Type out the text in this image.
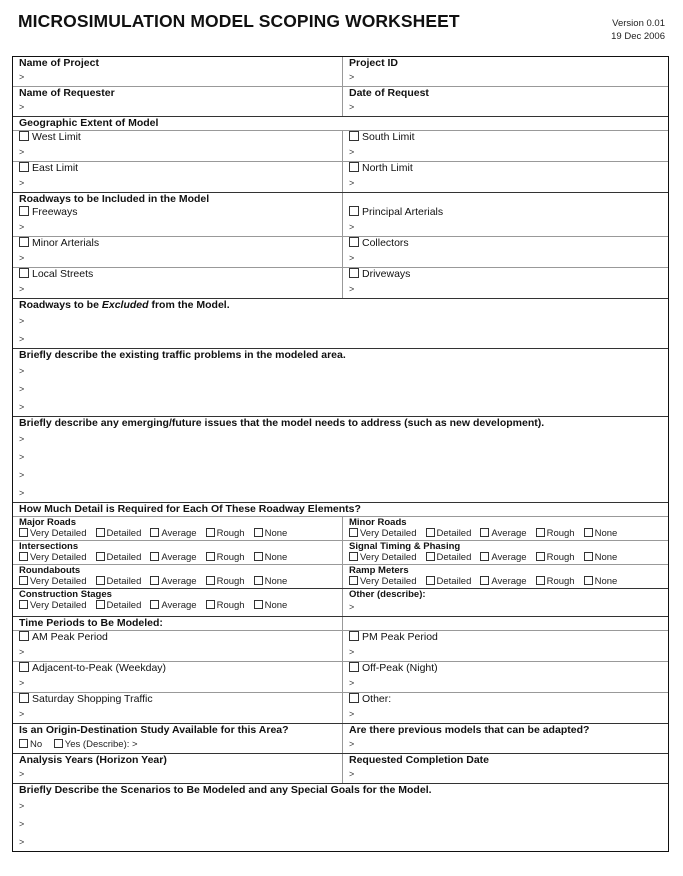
MICROSIMULATION MODEL SCOPING WORKSHEET	Version 0.01
19 Dec 2006
Name of Project
>
Project ID
>
Name of Requester
>
Date of Request
>
Geographic Extent of Model
West Limit
>
South Limit
>
East Limit
>
North Limit
>
Roadways to be Included in the Model
Freeways
>
Principal Arterials
>
Minor Arterials
>
Collectors
>
Local Streets
>
Driveways
>
Roadways to be Excluded from the Model.
>
>
Briefly describe the existing traffic problems in the modeled area.
>
>
>
Briefly describe any emerging/future issues that the model needs to address (such as new development).
>
>
>
>
How Much Detail is Required for Each Of These Roadway Elements?
Major Roads
Very Detailed Detailed Average Rough None
Minor Roads
Very Detailed Detailed Average Rough None
Intersections
Very Detailed Detailed Average Rough None
Signal Timing & Phasing
Very Detailed Detailed Average Rough None
Roundabouts
Very Detailed Detailed Average Rough None
Ramp Meters
Very Detailed Detailed Average Rough None
Construction Stages
Very Detailed Detailed Average Rough None
Other (describe):
>
Time Periods to Be Modeled:
AM Peak Period
>
PM Peak Period
>
Adjacent-to-Peak (Weekday)
>
Off-Peak (Night)
>
Saturday Shopping Traffic
>
Other:
>
Is an Origin-Destination Study Available for this Area?
No Yes (Describe): >
Are there previous models that can be adapted?
>
Analysis Years (Horizon Year)
>
Requested Completion Date
>
Briefly Describe the Scenarios to Be Modeled and any Special Goals for the Model.
>
>
>
